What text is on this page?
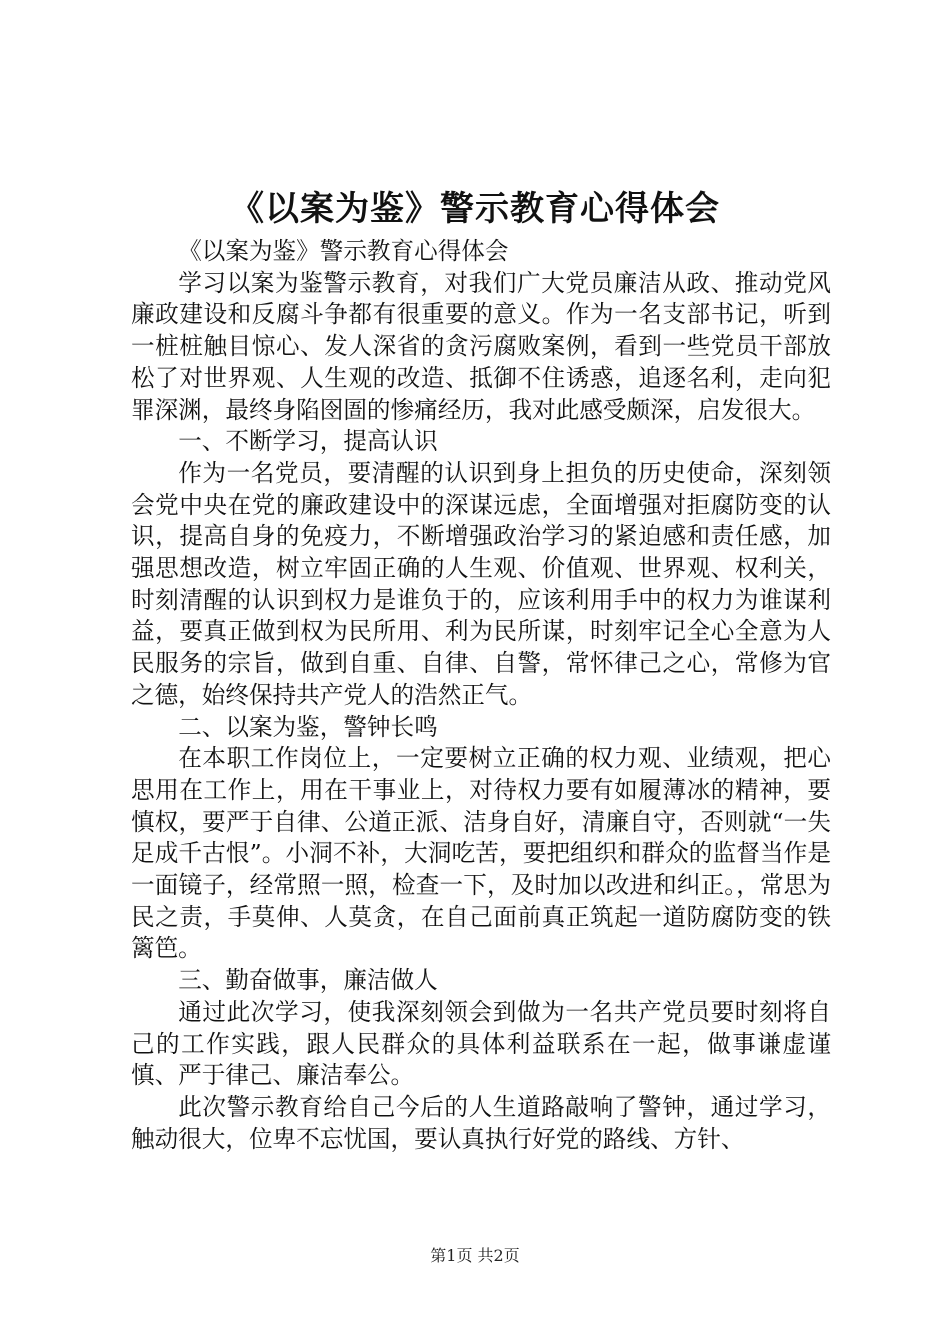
《以案为鉴》警示教育心得体会

《以案为鉴》警示教育心得体会

学习以案为鉴警示教育，对我们广大党员廉洁从政、推动党风廉政建设和反腐斗争都有很重要的意义。作为一名支部书记，听到一桩桩触目惊心、发人深省的贪污腐败案例，看到一些党员干部放松了对世界观、人生观的改造、抵御不住诱惑，追逐名利，走向犯罪深渊，最终身陷囹圄的惨痛经历，我对此感受颇深，启发很大。

一、不断学习，提高认识

作为一名党员，要清醒的认识到身上担负的历史使命，深刻领会党中央在党的廉政建设中的深谋远虑，全面增强对拒腐防变的认识，提高自身的免疫力，不断增强政治学习的紧迫感和责任感，加强思想改造，树立牢固正确的人生观、价值观、世界观、权利关，时刻清醒的认识到权力是谁负于的，应该利用手中的权力为谁谋利益，要真正做到权为民所用、利为民所谋，时刻牢记全心全意为人民服务的宗旨，做到自重、自律、自警，常怀律己之心，常修为官之德，始终保持共产党人的浩然正气。

二、以案为鉴，警钟长鸣

在本职工作岗位上，一定要树立正确的权力观、业绩观，把心思用在工作上，用在干事业上，对待权力要有如履薄冰的精神，要慎权，要严于自律、公道正派、洁身自好，清廉自守，否则就“一失足成千古恨”。小洞不补，大洞吃苦，要把组织和群众的监督当作是一面镜子，经常照一照，检查一下，及时加以改进和纠正。，常思为民之责，手莫伸、人莫贪，在自己面前真正筑起一道防腐防变的铁篱笆。

三、勤奋做事，廉洁做人

通过此次学习，使我深刻领会到做为一名共产党员要时刻将自己的工作实践，跟人民群众的具体利益联系在一起，做事谦虚谨慎、严于律己、廉洁奉公。

此次警示教育给自己今后的人生道路敲响了警钟，通过学习，触动很大，位卑不忘忧国，要认真执行好党的路线、方针、

第1页 共2页
